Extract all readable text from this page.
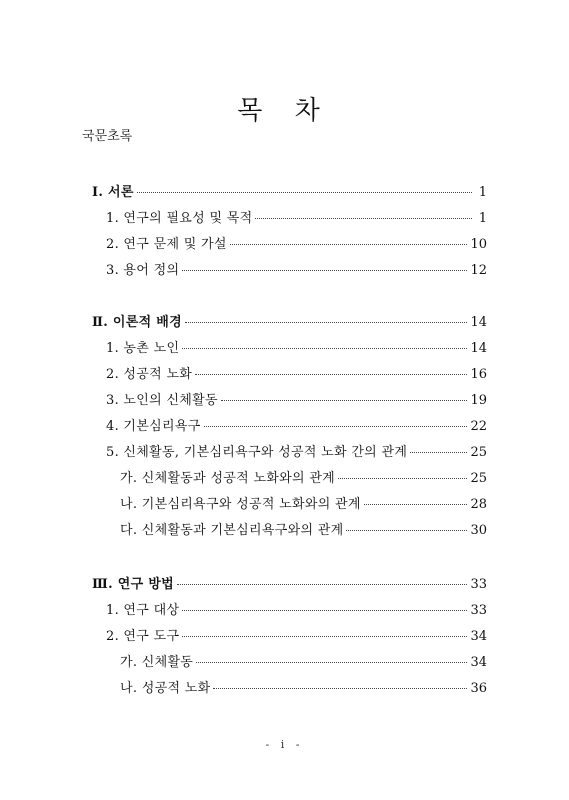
목 차
국문초록
Ⅰ. 서론	1
1. 연구의 필요성 및 목적	1
2. 연구 문제 및 가설	10
3. 용어 정의	12
Ⅱ. 이론적 배경	14
1. 농촌 노인	14
2. 성공적 노화	16
3. 노인의 신체활동	19
4. 기본심리욕구	22
5. 신체활동, 기본심리욕구와 성공적 노화 간의 관계	25
가. 신체활동과 성공적 노화와의 관계	25
나. 기본심리욕구와 성공적 노화와의 관계	28
다. 신체활동과 기본심리욕구와의 관계	30
Ⅲ. 연구 방법	33
1. 연구 대상	33
2. 연구 도구	34
가. 신체활동	34
나. 성공적 노화	36
- i -
